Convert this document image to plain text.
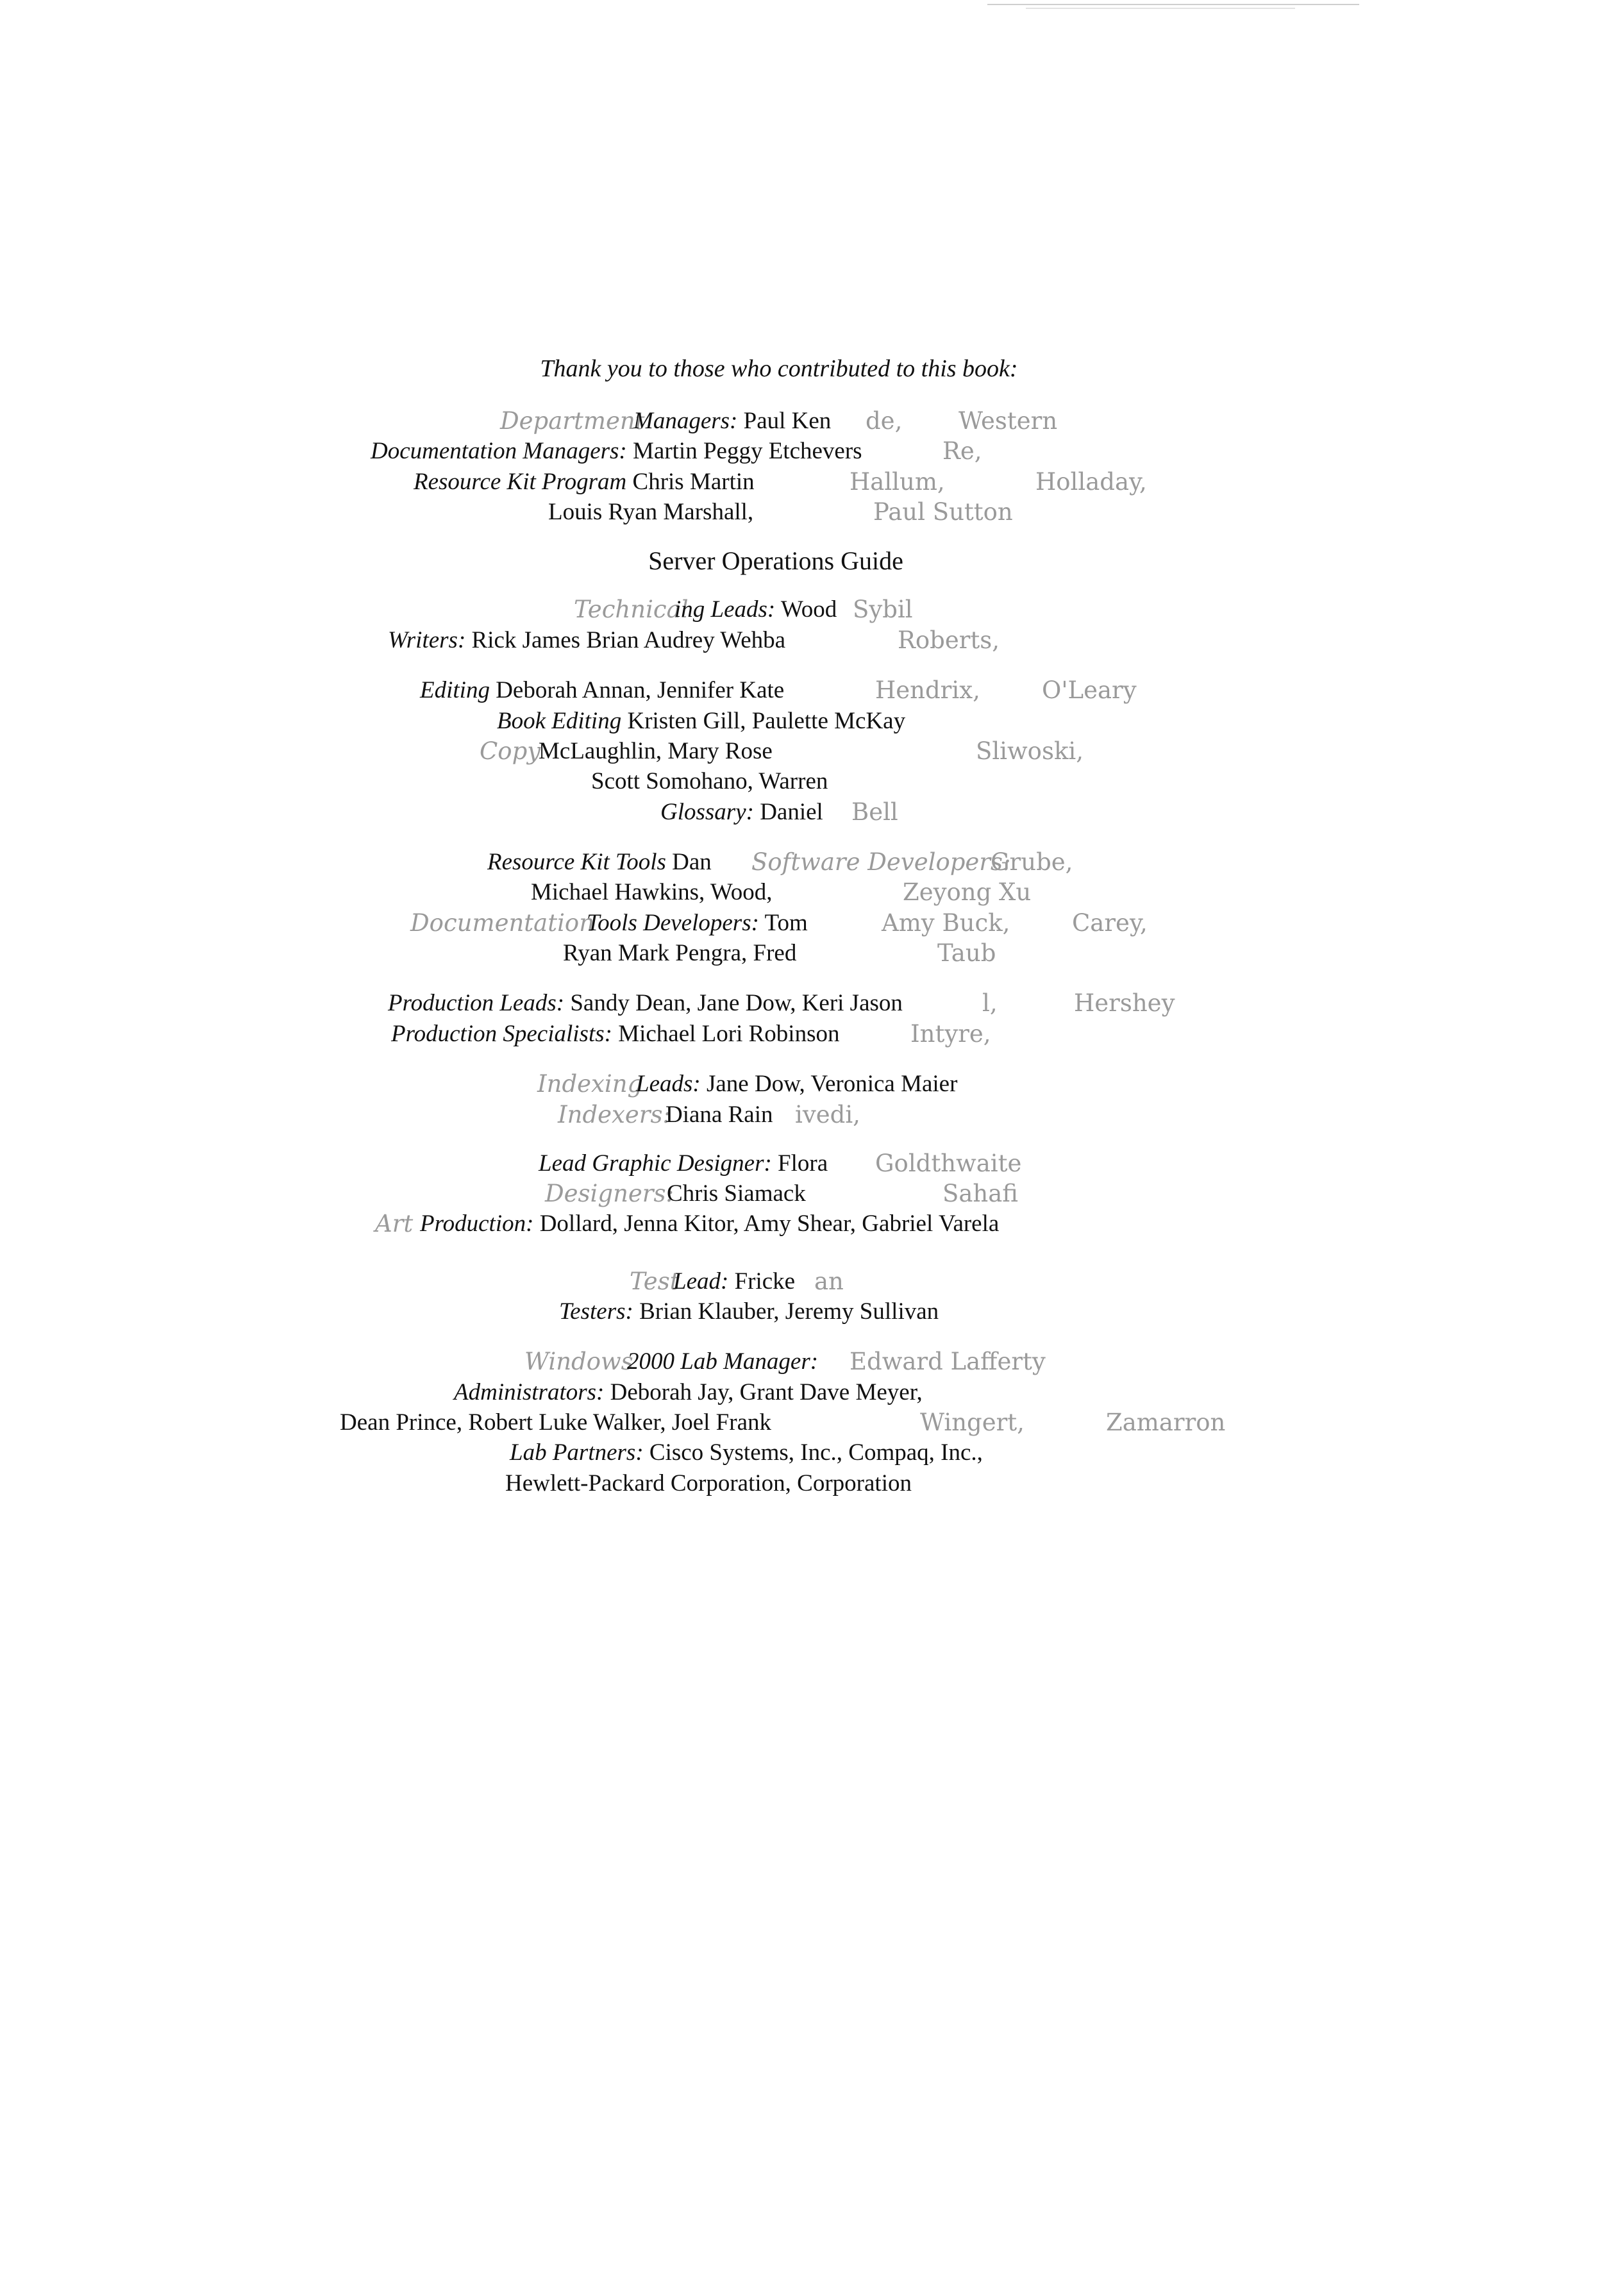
Thank you to those who contributed to this book:
Department
Managers: Paul Ken de, Western
Documentation Managers: Martin Peggy Etchevers	Re,
Resource Kit Program Chris Martin	Hallum,	Holladay,
Louis Ryan Marshall,	Paul Sutton
Server Operations Guide
Technical
ing Leads: Wood Sybil
Writers: Rick James Brian Audrey Wehba	Roberts,
Editing Deborah Annan, Jennifer Kate	Hendrix,	O'Leary
Book Editing Kristen Gill, Paulette McKay
Copy
McLaughlin, Mary Rose	Sliwoski,
Scott Somohano, Warren
Glossary: Daniel Bell
Resource Kit Tools Dan Software Developers:
Grube,
Michael Hawkins, Wood,	Zeyong Xu
Documentation
Tools Developers: Tom	Amy Buck,	Carey,
Ryan Mark Pengra, Fred	Taub
Production Leads: Sandy Dean, Jane Dow, Keri Jason	l,	Hershey
Production Specialists: Michael Lori Robinson	Intyre,
Indexing
Leads: Jane Dow, Veronica Maier
Indexers:
Diana Rain ivedi,
Lead Graphic Designer: Flora Goldthwaite
Designers:
Chris Siamack	Sahafi
Art Production: Dollard, Jenna Kitor, Amy Shear, Gabriel Varela
Test
Lead: Fricke an
Testers: Brian Klauber, Jeremy Sullivan
Windows
2000 Lab Manager: Edward Lafferty
Administrators: Deborah Jay, Grant Dave Meyer,
Dean Prince, Robert Luke Walker, Joel Frank	Wingert,	Zamarron
Lab Partners: Cisco Systems, Inc., Compaq, Inc.,
Hewlett-Packard Corporation, Corporation
